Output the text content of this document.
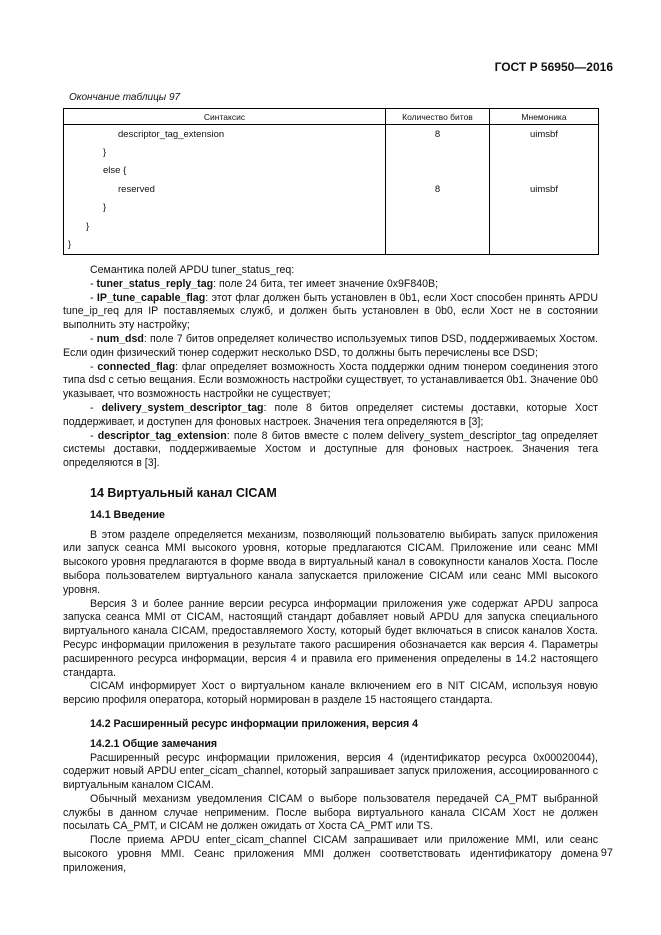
ГОСТ Р 56950—2016
Окончание таблицы 97
Синтаксис	Количество битов	Мнемоника
descriptor_tag_extension	8	uimsbf
}		
else {		
reserved	8	uimsbf
}		
}		
}		

Семантика полей APDU tuner_status_req:

- tuner_status_reply_tag: поле 24 бита, тег имеет значение 0x9F840B;

- IP_tune_capable_flag: этот флаг должен быть установлен в 0b1, если Хост способен принять APDU tune_ip_req для IP поставляемых служб, и должен быть установлен в 0b0, если Хост не в состоянии выполнить эту настройку;

- num_dsd: поле 7 битов определяет количество используемых типов DSD, поддерживаемых Хостом. Если один физический тюнер содержит несколько DSD, то должны быть перечислены все DSD;

- connected_flag: флаг определяет возможность Хоста поддержки одним тюнером соединения этого типа dsd с сетью вещания. Если возможность настройки существует, то устанавливается 0b1. Значение 0b0 указывает, что возможность настройки не существует;

- delivery_system_descriptor_tag: поле 8 битов определяет системы доставки, которые Хост поддерживает, и доступен для фоновых настроек. Значения тега определяются в [3];

- descriptor_tag_extension: поле 8 битов вместе с полем delivery_system_descriptor_tag определяет системы доставки, поддерживаемые Хостом и доступные для фоновых настроек. Значения тега определяются в [3].

14 Виртуальный канал CICAM

14.1 Введение

В этом разделе определяется механизм, позволяющий пользователю выбирать запуск приложения или запуск сеанса MMI высокого уровня, которые предлагаются CICAM. Приложение или сеанс MMI высокого уровня предлагаются в форме ввода в виртуальный канал в совокупности каналов Хоста. После выбора пользователем виртуального канала запускается приложение CICAM или сеанс MMI высокого уровня.

Версия 3 и более ранние версии ресурса информации приложения уже содержат APDU запроса запуска сеанса MMI от CICAM, настоящий стандарт добавляет новый APDU для запуска специального виртуального канала CICAM, предоставляемого Хосту, который будет включаться в список каналов Хоста. Ресурс информации приложения в результате такого расширения обозначается как версия 4. Параметры расширенного ресурса информации, версия 4 и правила его применения определены в 14.2 настоящего стандарта.

CICAM информирует Хост о виртуальном канале включением его в NIT CICAM, используя новую версию профиля оператора, который нормирован в разделе 15 настоящего стандарта.

14.2 Расширенный ресурс информации приложения, версия 4

14.2.1 Общие замечания

Расширенный ресурс информации приложения, версия 4 (идентификатор ресурса 0x00020044), содержит новый APDU enter_cicam_channel, который запрашивает запуск приложения, ассоциированного с виртуальным каналом CICAM.

Обычный механизм уведомления CICAM о выборе пользователя передачей CA_PMT выбранной службы в данном случае неприменим. После выбора виртуального канала CICAM Хост не должен посылать CA_PMT, и CICAM не должен ожидать от Хоста CA_PMT или TS.

После приема APDU enter_cicam_channel CICAM запрашивает или приложение MMI, или сеанс высокого уровня MMI. Сеанс приложения MMI должен соответствовать идентификатору домена приложения,

97
